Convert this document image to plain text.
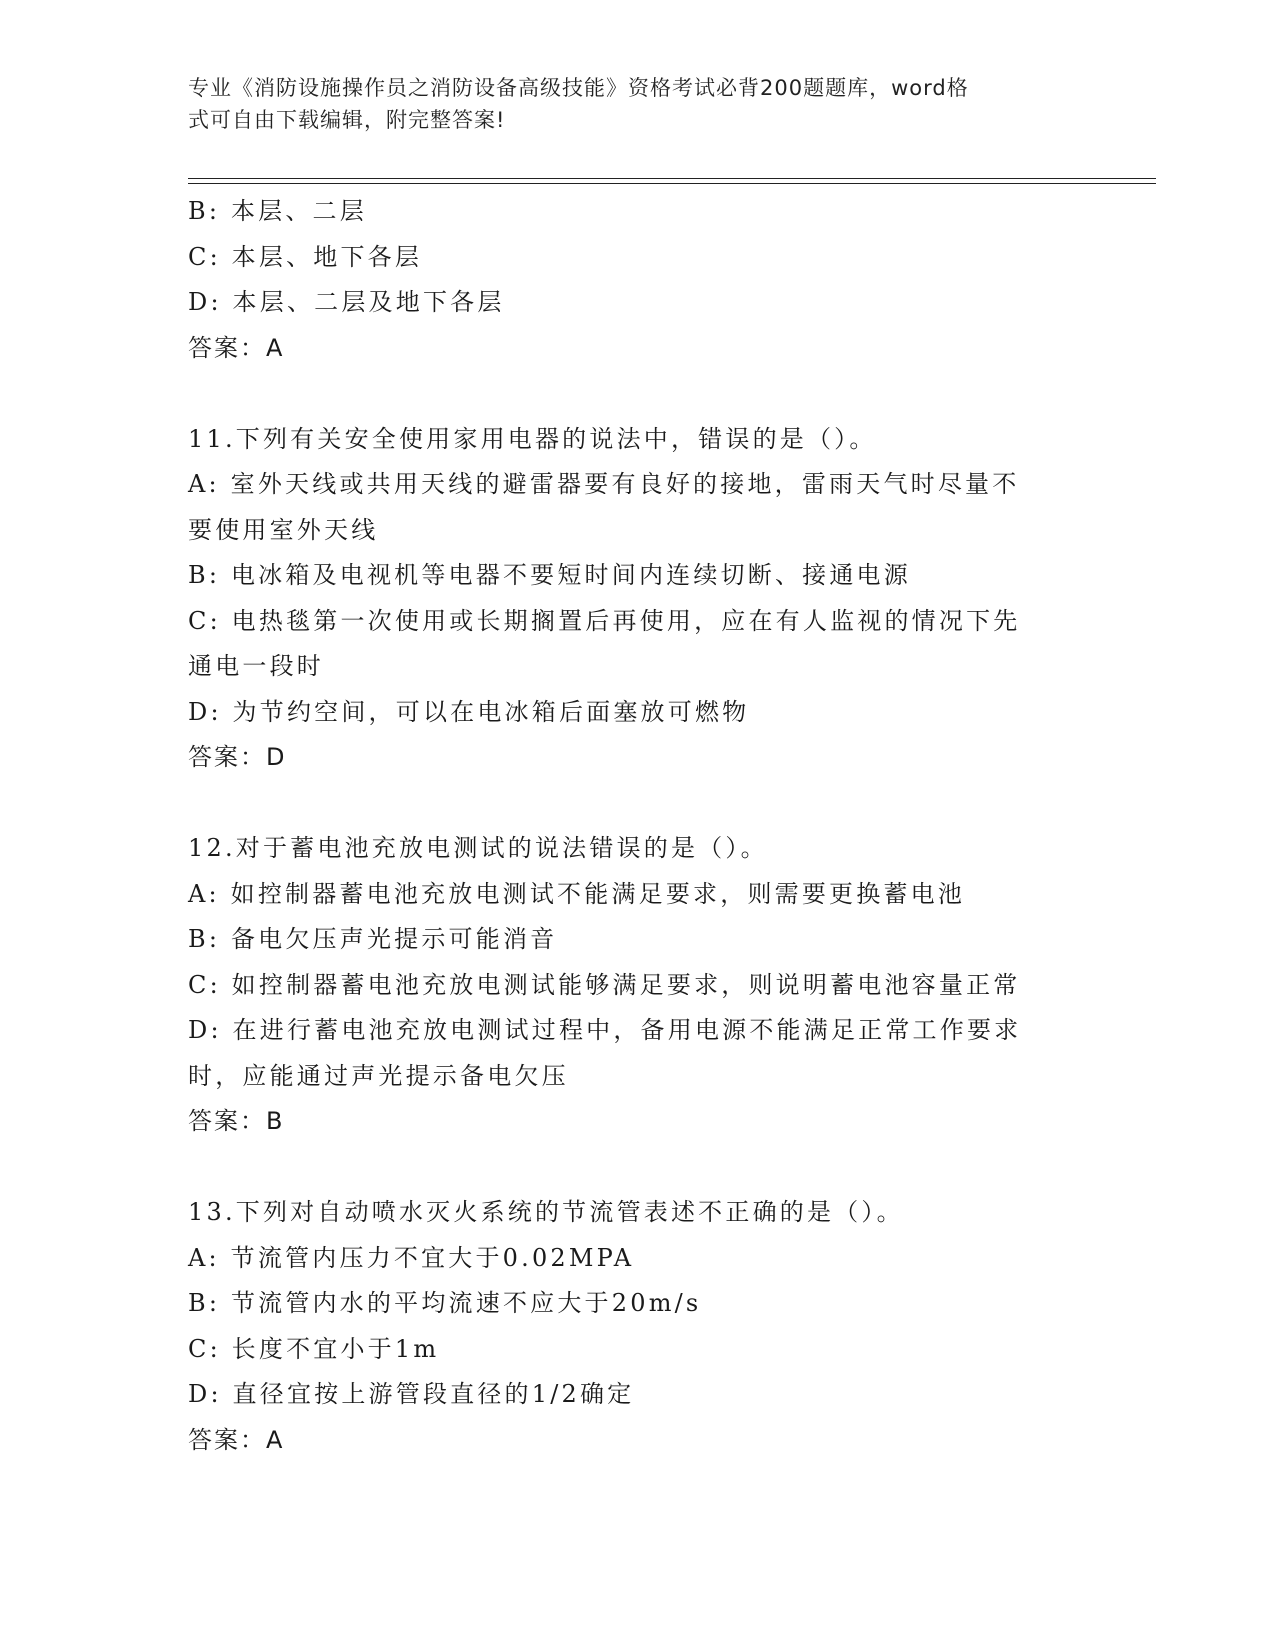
专业《消防设施操作员之消防设备高级技能》资格考试必背200题题库，word格
式可自由下载编辑，附完整答案!
B: 本层、二层
C: 本层、地下各层
D: 本层、二层及地下各层
答案：A
11.下列有关安全使用家用电器的说法中，错误的是（）。
A: 室外天线或共用天线的避雷器要有良好的接地，雷雨天气时尽量不
要使用室外天线
B: 电冰箱及电视机等电器不要短时间内连续切断、接通电源
C: 电热毯第一次使用或长期搁置后再使用，应在有人监视的情况下先
通电一段时
D: 为节约空间，可以在电冰箱后面塞放可燃物
答案：D
12.对于蓄电池充放电测试的说法错误的是（）。
A: 如控制器蓄电池充放电测试不能满足要求，则需要更换蓄电池
B: 备电欠压声光提示可能消音
C: 如控制器蓄电池充放电测试能够满足要求，则说明蓄电池容量正常
D: 在进行蓄电池充放电测试过程中，备用电源不能满足正常工作要求
时，应能通过声光提示备电欠压
答案：B
13.下列对自动喷水灭火系统的节流管表述不正确的是（）。
A: 节流管内压力不宜大于0.02MPA
B: 节流管内水的平均流速不应大于20m/s
C: 长度不宜小于1m
D: 直径宜按上游管段直径的1/2确定
答案：A
